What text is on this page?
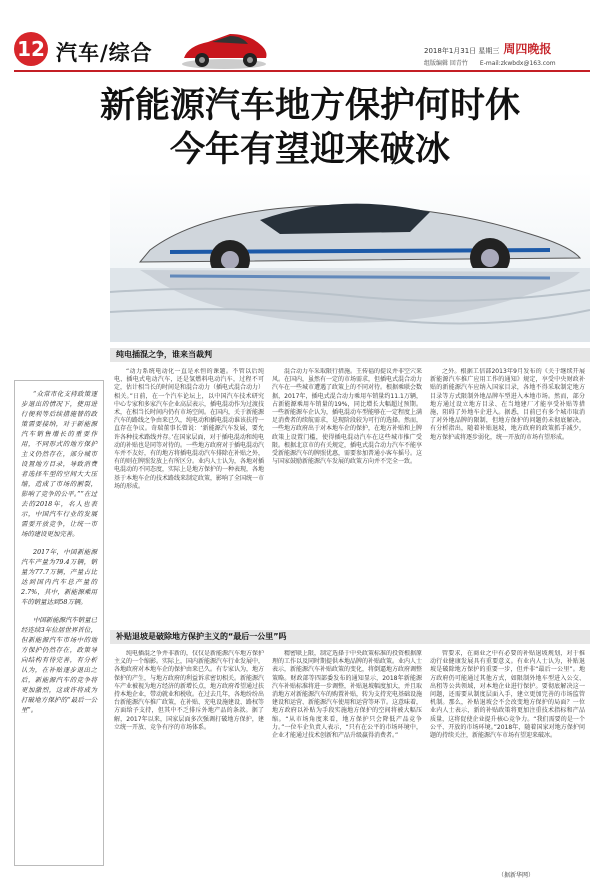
12 汽车/综合	2018年1月31日 星期三 周四晚报
组版编辑 回青竹　　E-mail:zkwbdx@163.com
新能源汽车地方保护何时休
今年有望迎来破冰
纯电插混之争，谁来当裁判

“众常市化支持政策逐步退出的情况下，使用进行便利等后续措施替的政策需要接纳，对于新能源汽车销售增长的重要作用，不同形式的地方保护主义仍然存在，部分城市设置地方目录，导致消费者选择车型的空间大大压缩，造成了市场的割裂，影响了竞争的公平。””在过去的2018年，名人也表示，中国汽车行业的发展需要开放竞争，让统一市场的建设更加完善。

2017年，中国新能源汽车产量为79.4万辆，销量为77.7万辆，产量占比达到国内汽车总产量的2.7%，其中，新能源乘用车的销量达到58万辆。

中国新能源汽车销量已经连续3年位居世界首位，但新能源汽车市场中的地方保护仍然存在，政策导向结构有待完善，有分析认为，在补贴逐步退出之后，新能源汽车的竞争将更加激烈，这或许将成为打破地方保护的“最后一公里”。

“动力系统电动化一直是永恒的课题。不管以后纯电、插电式电动汽车，还是氢燃料电动汽车，过程不可定，估计相当长的时间是和混合动力（插电式混合动力）相关。”日前，在一个汽车论坛上，以中国汽车技术研究中心专家和多家汽车企业高层表示，插电混动作为过渡技术，在相当长时间内仍有市场空间。在国内，关于新能源汽车的路线之争由来已久，纯电动和插电混动谁该扶持一直存在争议。奇瑞董事长曾说：‘新能源汽车发展，要允许各种技术路线并存。’在国家层面，对于插电混动和纯电动的补贴也是同等对待的。一些地方政府对于插电混动汽车并不友好，有的地方将插电混动汽车排除在补贴之外，有的则在牌照发放上有所区分。业内人士认为，各地对插电混动的不同态度，实际上是地方保护的一种表现，各地基于本地车企的技术路线来制定政策，影响了全国统一市场的形成。

混合动力车采取限行措施。王传福的提议并非空穴来风。在国内，虽然有一定的市场需求，但插电式混合动力汽车在一些城市遭遇了政策上的不同对待。根据乘联会数据，2017年，插电式混合动力乘用车销量约11.1万辆，占新能源乘用车销量的19%，同比增长大幅超过预期。一些新能源车企认为，插电混动车型能够在一定程度上满足消费者的续航需求，是现阶段较为可行的选择。然而，一些地方政府出于对本地车企的保护，在地方补贴和上牌政策上设置门槛，使得插电混动汽车在这些城市推广受限。根据北京市的有关规定，插电式混合动力汽车不能享受新能源汽车的牌照优惠，需要参加普通小客车摇号。这与国家鼓励新能源汽车发展的政策方向并不完全一致。

之外。根据工信部2013年9月发布的《关于继续开展新能源汽车推广应用工作的通知》规定，享受中央财政补贴的新能源汽车应纳入国家目录，各地不得采取制定地方目录等方式限制外地品牌车型进入本地市场。然而，部分地方通过设立地方目录、在当地建厂才能享受补贴等措施，阻碍了外地车企进入。据悉，目前已有多个城市取消了对外地品牌的限制，但地方保护的问题仍未彻底解决。有分析指出，随着补贴退坡，地方政府的政策抓手减少，地方保护或将逐步弱化，统一开放的市场有望形成。

补贴退坡是破除地方保护主义的“最后一公里”吗

纯电插混之争并非新的，仅仅是新能源汽车地方保护主义的一个缩影。实际上，国内新能源汽车行业发展中，各地政府对本地车企的保护由来已久。有专家认为，地方保护的产生，与地方政府的利益诉求密切相关。新能源汽车产业被视为地方经济的新增长点，地方政府希望通过扶持本地企业，带动就业和税收。在过去几年，各地纷纷出台新能源汽车推广政策，在补贴、充电设施建设、路权等方面给予支持，但其中不乏排斥外地产品的条款。据了解，2017年以来，国家层面多次强调打破地方保护，建立统一开放、竞争有序的市场体系。

精密联上限，制定选择于中央政策标准的投资根据原理的工作以及同时期提供本地品牌的补贴政策。业内人士表示，新能源汽车补贴政策的变化，将倒逼地方政府调整策略。财政部等四部委发布的通知显示，2018年新能源汽车补贴标准将进一步调整，补贴退坡幅度加大，并且取消地方对新能源汽车的购置补贴，转为支持充电基础设施建设和运营、新能源汽车使用和运营等环节。这意味着，地方政府以补贴为手段实施地方保护的空间将被大幅压缩。“从市场角度来看，地方保护只会降低产品竞争力。”一位车企负责人表示，“只有在公平的市场环境中，企业才能通过技术创新和产品升级赢得消费者。”

管要求，在商业之中有必要的补贴退坡规划，对于推动行业健康发展具有重要意义。有业内人士认为，补贴退坡是破除地方保护的重要一步，但并非“最后一公里”。地方政府仍可能通过其他方式，如限制外地车型进入公交、出租等公共领域，对本地企业进行保护。要彻底解决这一问题，还需要从制度层面入手，建立更加完善的市场监管机制。那么，补贴退坡会不会改变地方保护的局面？一位业内人士表示，新的补贴政策将更加注重技术指标和产品质量，这将促使企业提升核心竞争力。“我们需要的是一个公平、开放的市场环境。”2018年，随着国家对地方保护问题的持续关注，新能源汽车市场有望迎来破冰。

（据新华网）
